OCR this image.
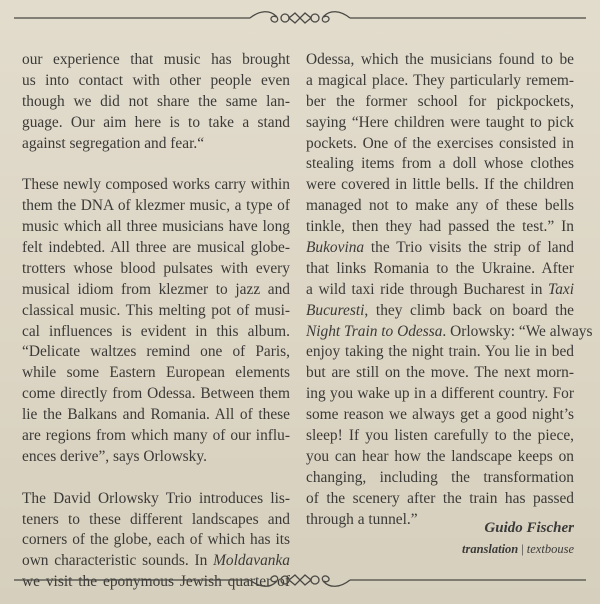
our experience that music has brought
us into contact with other people even
though we did not share the same lan-
guage. Our aim here is to take a stand
against segregation and fear.“
These newly composed works carry within
them the DNA of klezmer music, a type of
music which all three musicians have long
felt indebted. All three are musical globe-
trotters whose blood pulsates with every
musical idiom from klezmer to jazz and
classical music. This melting pot of musi-
cal influences is evident in this album.
“Delicate waltzes remind one of Paris,
while some Eastern European elements
come directly from Odessa. Between them
lie the Balkans and Romania. All of these
are regions from which many of our influ-
ences derive”, says Orlowsky.
The David Orlowsky Trio introduces lis-
teners to these different landscapes and
corners of the globe, each of which has its
own characteristic sounds. In Moldavanka
we visit the eponymous Jewish quarter of
Odessa, which the musicians found to be
a magical place. They particularly remem-
ber the former school for pickpockets,
saying “Here children were taught to pick
pockets. One of the exercises consisted in
stealing items from a doll whose clothes
were covered in little bells. If the children
managed not to make any of these bells
tinkle, then they had passed the test.” In
Bukovina the Trio visits the strip of land
that links Romania to the Ukraine. After
a wild taxi ride through Bucharest in Taxi
Bucuresti, they climb back on board the
Night Train to Odessa. Orlowsky: “We always
enjoy taking the night train. You lie in bed
but are still on the move. The next morn-
ing you wake up in a different country. For
some reason we always get a good night’s
sleep! If you listen carefully to the piece,
you can hear how the landscape keeps on
changing, including the transformation
of the scenery after the train has passed
through a tunnel.”
Guido Fischer
translation | textbouse
